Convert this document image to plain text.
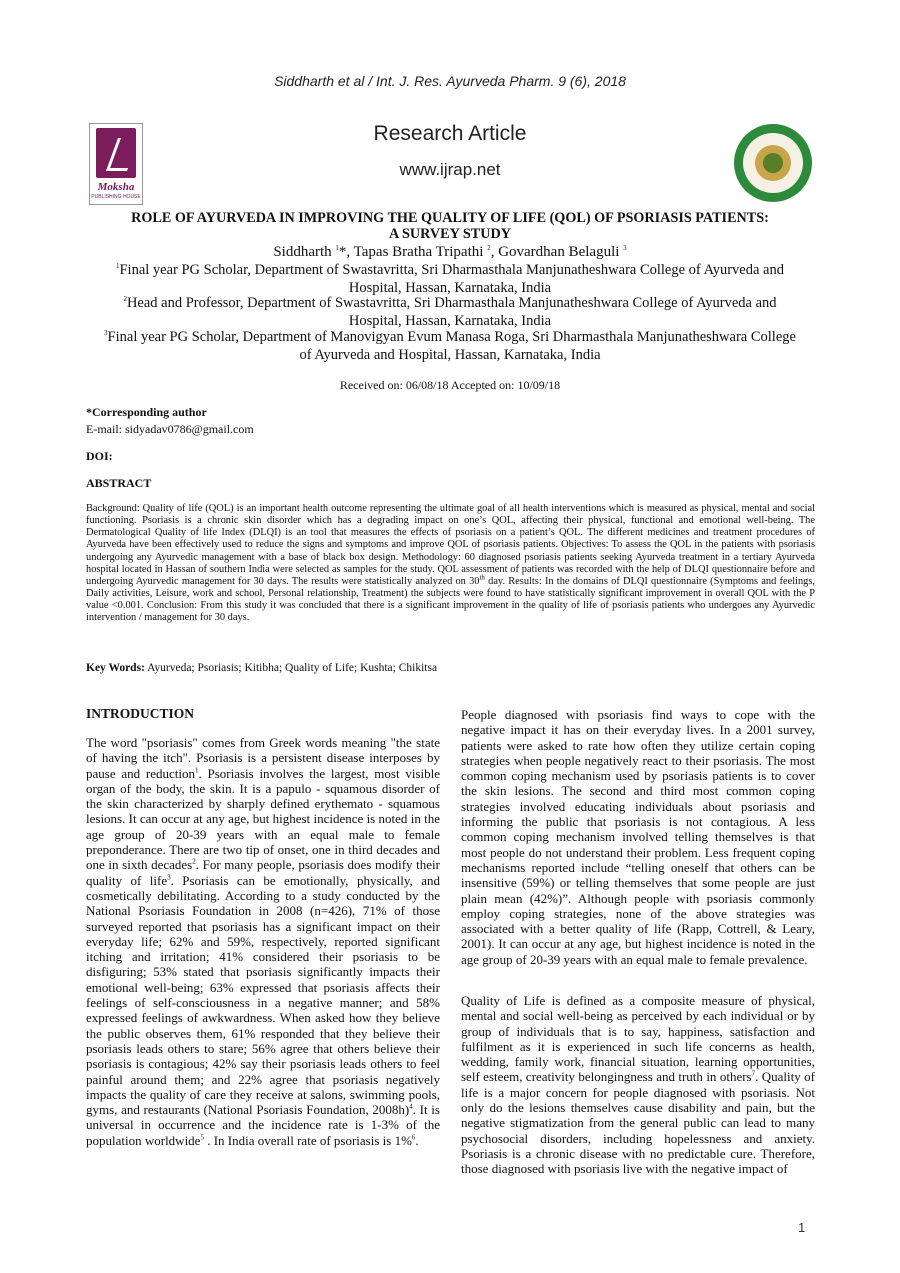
Siddharth et al / Int. J. Res. Ayurveda Pharm. 9 (6), 2018
Moksha
PUBLISHING HOUSE
Research Article
www.ijrap.net
ROLE OF AYURVEDA IN IMPROVING THE QUALITY OF LIFE (QOL) OF PSORIASIS PATIENTS:
A SURVEY STUDY
Siddharth $^1$*, Tapas Bratha Tripathi $^2$, Govardhan Belaguli $^3$
$^1$Final year PG Scholar, Department of Swastavritta, Sri Dharmasthala Manjunatheshwara College of Ayurveda and
Hospital, Hassan, Karnataka, India
$^2$Head and Professor, Department of Swastavritta, Sri Dharmasthala Manjunatheshwara College of Ayurveda and
Hospital, Hassan, Karnataka, India
$^3$Final year PG Scholar, Department of Manovigyan Evum Manasa Roga, Sri Dharmasthala Manjunatheshwara College
of Ayurveda and Hospital, Hassan, Karnataka, India
Received on: 06/08/18 Accepted on: 10/09/18
*Corresponding author
E-mail: sidyadav0786@gmail.com
DOI:
ABSTRACT
Background: Quality of life (QOL) is an important health outcome representing the ultimate goal of all health interventions which is measured as physical, mental and social functioning. Psoriasis is a chronic skin disorder which has a degrading impact on one’s QOL, affecting their physical, functional and emotional well-being. The Dermatological Quality of life Index (DLQI) is an tool that measures the effects of psoriasis on a patient’s QOL. The different medicines and treatment procedures of Ayurveda have been effectively used to reduce the signs and symptoms and improve QOL of psoriasis patients. Objectives: To assess the QOL in the patients with psoriasis undergoing any Ayurvedic management with a base of black box design. Methodology: 60 diagnosed psoriasis patients seeking Ayurveda treatment in a tertiary Ayurveda hospital located in Hassan of southern India were selected as samples for the study. QOL assessment of patients was recorded with the help of DLQI questionnaire before and undergoing Ayurvedic management for 30 days. The results were statistically analyzed on 30th day. Results: In the domains of DLQI questionnaire (Symptoms and feelings, Daily activities, Leisure, work and school, Personal relationship, Treatment) the subjects were found to have statistically significant improvement in overall QOL with the P value <0.001. Conclusion: From this study it was concluded that there is a significant improvement in the quality of life of psoriasis patients who undergoes any Ayurvedic intervention / management for 30 days.
Key Words: Ayurveda; Psoriasis; Kitibha; Quality of Life; Kushta; Chikitsa
INTRODUCTION
The word "psoriasis" comes from Greek words meaning "the state of having the itch". Psoriasis is a persistent disease interposes by pause and reduction$^1$. Psoriasis involves the largest, most visible organ of the body, the skin. It is a papulo - squamous disorder of the skin characterized by sharply defined erythemato - squamous lesions. It can occur at any age, but highest incidence is noted in the age group of 20-39 years with an equal male to female preponderance. There are two tip of onset, one in third decades and one in sixth decades$^2$. For many people, psoriasis does modify their quality of life$^3$. Psoriasis can be emotionally, physically, and cosmetically debilitating. According to a study conducted by the National Psoriasis Foundation in 2008 (n=426), 71% of those surveyed reported that psoriasis has a significant impact on their everyday life; 62% and 59%, respectively, reported significant itching and irritation; 41% considered their psoriasis to be disfiguring; 53% stated that psoriasis significantly impacts their emotional well-being; 63% expressed that psoriasis affects their feelings of self-consciousness in a negative manner; and 58% expressed feelings of awkwardness. When asked how they believe the public observes them, 61% responded that they believe their psoriasis leads others to stare; 56% agree that others believe their psoriasis is contagious; 42% say their psoriasis leads others to feel painful around them; and 22% agree that psoriasis negatively impacts the quality of care they receive at salons, swimming pools, gyms, and restaurants (National Psoriasis Foundation, 2008h)$^4$. It is universal in occurrence and the incidence rate is 1-3% of the population worldwide$^5$ . In India overall rate of psoriasis is 1%$^6$.
People diagnosed with psoriasis find ways to cope with the negative impact it has on their everyday lives. In a 2001 survey, patients were asked to rate how often they utilize certain coping strategies when people negatively react to their psoriasis. The most common coping mechanism used by psoriasis patients is to cover the skin lesions. The second and third most common coping strategies involved educating individuals about psoriasis and informing the public that psoriasis is not contagious. A less common coping mechanism involved telling themselves is that most people do not understand their problem. Less frequent coping mechanisms reported include “telling oneself that others can be insensitive (59%) or telling themselves that some people are just plain mean (42%)”. Although people with psoriasis commonly employ coping strategies, none of the above strategies was associated with a better quality of life (Rapp, Cottrell, & Leary, 2001). It can occur at any age, but highest incidence is noted in the age group of 20-39 years with an equal male to female prevalence.
Quality of Life is defined as a composite measure of physical, mental and social well-being as perceived by each individual or by group of individuals that is to say, happiness, satisfaction and fulfilment as it is experienced in such life concerns as health, wedding, family work, financial situation, learning opportunities, self esteem, creativity belongingness and truth in others$^7$. Quality of life is a major concern for people diagnosed with psoriasis. Not only do the lesions themselves cause disability and pain, but the negative stigmatization from the general public can lead to many psychosocial disorders, including hopelessness and anxiety. Psoriasis is a chronic disease with no predictable cure. Therefore, those diagnosed with psoriasis live with the negative impact of
1
